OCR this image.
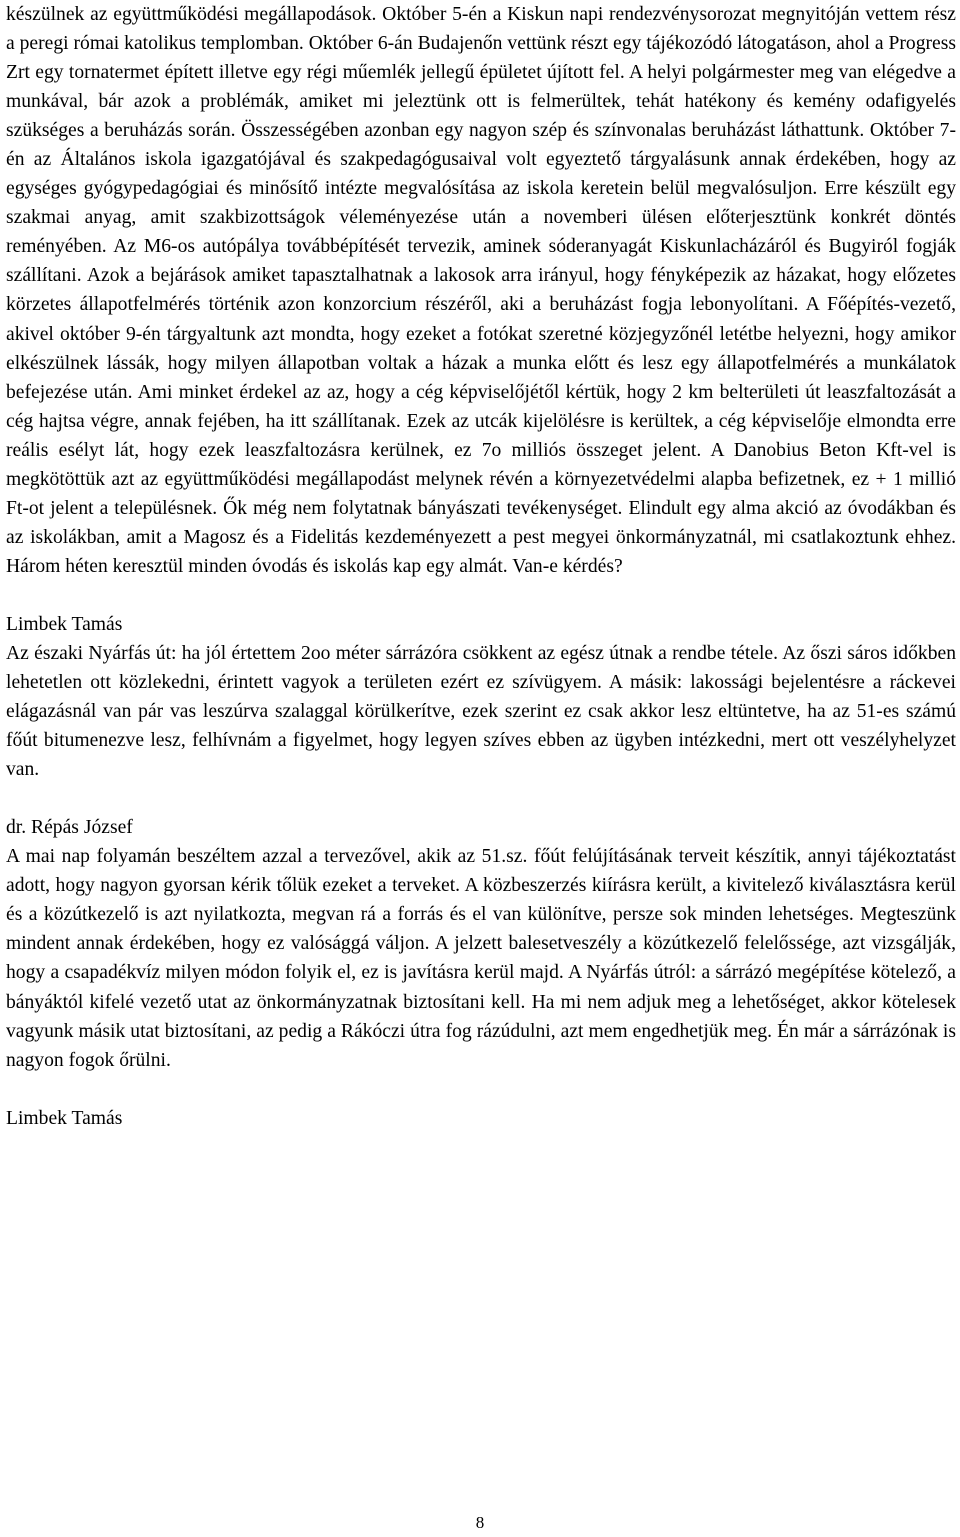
készülnek az együttműködési megállapodások. Október 5-én a Kiskun napi rendezvénysorozat megnyitóján vettem rész a peregi római katolikus templomban. Október 6-án Budajenőn vettünk részt egy tájékozódó látogatáson, ahol a Progress Zrt egy tornatermet épített illetve egy régi műemlék jellegű épületet újított fel. A helyi polgármester meg van elégedve a munkával, bár azok a problémák, amiket mi jeleztünk ott is felmerültek, tehát hatékony és kemény odafigyelés szükséges a beruházás során. Összességében azonban egy nagyon szép és színvonalas beruházást láthattunk. Október 7-én az Általános iskola igazgatójával és szakpedagógusaival volt egyeztető tárgyalásunk annak érdekében, hogy az egységes gyógypedagógiai és minősítő intézte megvalósítása az iskola keretein belül megvalósuljon. Erre készült egy szakmai anyag, amit szakbizottságok véleményezése után a novemberi ülésen előterjesztünk konkrét döntés reményében. Az M6-os autópálya továbbépítését tervezik, aminek sóderanyagát Kiskunlacházáról és Bugyiról fogják szállítani. Azok a bejárások amiket tapasztalhatnak a lakosok arra irányul, hogy fényképezik az házakat, hogy előzetes körzetes állapotfelmérés történik azon konzorcium részéről, aki a beruházást fogja lebonyolítani. A Főépítés-vezető, akivel október 9-én tárgyaltunk azt mondta, hogy ezeket a fotókat szeretné közjegyzőnél letétbe helyezni, hogy amikor elkészülnek lássák, hogy milyen állapotban voltak a házak a munka előtt és lesz egy állapotfelmérés a munkálatok befejezése után. Ami minket érdekel az az, hogy a cég képviselőjétől kértük, hogy 2 km belterületi út leaszfaltozását a cég hajtsa végre, annak fejében, ha itt szállítanak. Ezek az utcák kijelölésre is kerültek, a cég képviselője elmondta erre reális esélyt lát, hogy ezek leaszfaltozásra kerülnek, ez 7o milliós összeget jelent. A Danobius Beton Kft-vel is megkötöttük azt az együttműködési megállapodást melynek révén a környezetvédelmi alapba befizetnek, ez + 1 millió Ft-ot jelent a településnek. Ők még nem folytatnak bányászati tevékenységet. Elindult egy alma akció az óvodákban és az iskolákban, amit a Magosz és a Fidelitás kezdeményezett a pest megyei önkormányzatnál, mi csatlakoztunk ehhez. Három héten keresztül minden óvodás és iskolás kap egy almát. Van-e kérdés?

Limbek Tamás

Az északi Nyárfás út: ha jól értettem 2oo méter sárrázóra csökkent az egész útnak a rendbe tétele. Az őszi sáros időkben lehetetlen ott közlekedni, érintett vagyok a területen ezért ez szívügyem. A másik: lakossági bejelentésre a ráckevei elágazásnál van pár vas leszúrva szalaggal körülkerítve, ezek szerint ez csak akkor lesz eltüntetve, ha az 51-es számú főút bitumenezve lesz, felhívnám a figyelmet, hogy legyen szíves ebben az ügyben intézkedni, mert ott veszélyhelyzet van.

dr. Répás József

A mai nap folyamán beszéltem azzal a tervezővel, akik az 51.sz. főút felújításának terveit készítik, annyi tájékoztatást adott, hogy nagyon gyorsan kérik tőlük ezeket a terveket. A közbeszerzés kiírásra került, a kivitelező kiválasztásra kerül és a közútkezelő is azt nyilatkozta, megvan rá a forrás és el van különítve, persze sok minden lehetséges. Megteszünk mindent annak érdekében, hogy ez valósággá váljon. A jelzett balesetveszély a közútkezelő felelőssége, azt vizsgálják, hogy a csapadékvíz milyen módon folyik el, ez is javításra kerül majd. A Nyárfás útról: a sárrázó megépítése kötelező, a bányáktól kifelé vezető utat az önkormányzatnak biztosítani kell. Ha mi nem adjuk meg a lehetőséget, akkor kötelesek vagyunk másik utat biztosítani, az pedig a Rákóczi útra fog rázúdulni, azt mem engedhetjük meg. Én már a sárrázónak is nagyon fogok őrülni.

Limbek Tamás

8
